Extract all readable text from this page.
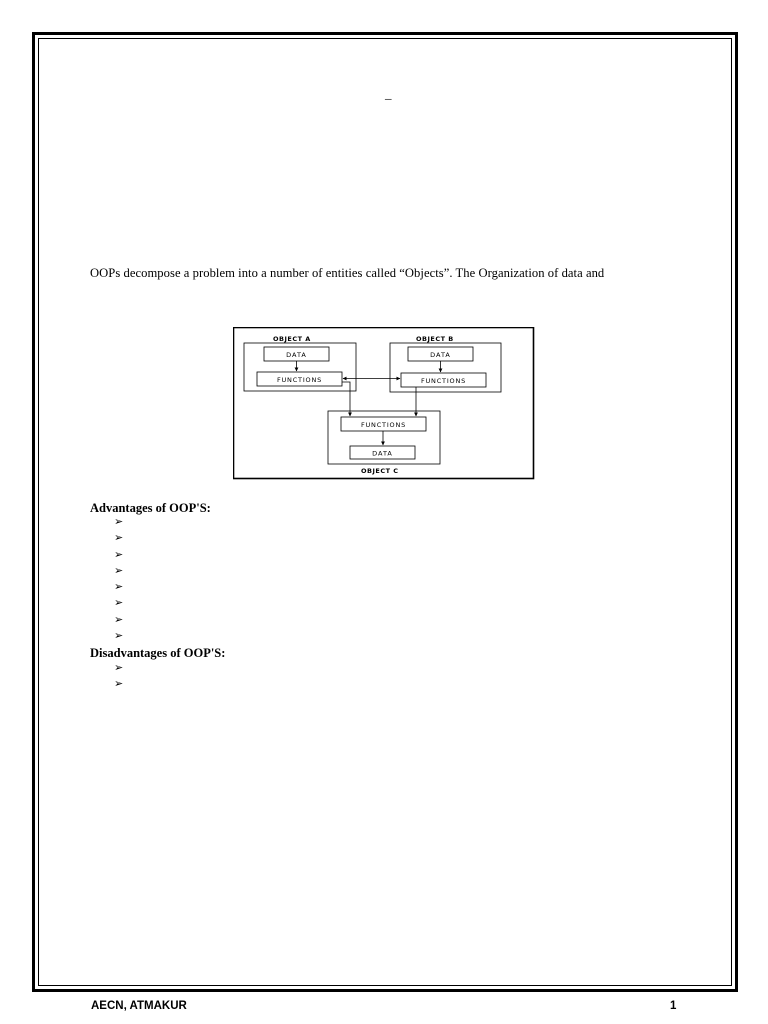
_
OOPs decompose a problem into a number of entities called “Objects”. The Organization of data and
OBJECT A
DATA
FUNCTIONS
OBJECT B
DATA
FUNCTIONS
FUNCTIONS
DATA
OBJECT C
Advantages of OOP'S:
➢
➢
➢
➢
➢
➢
➢
➢
Disadvantages of OOP'S:
➢
➢
AECN, ATMAKUR	1
